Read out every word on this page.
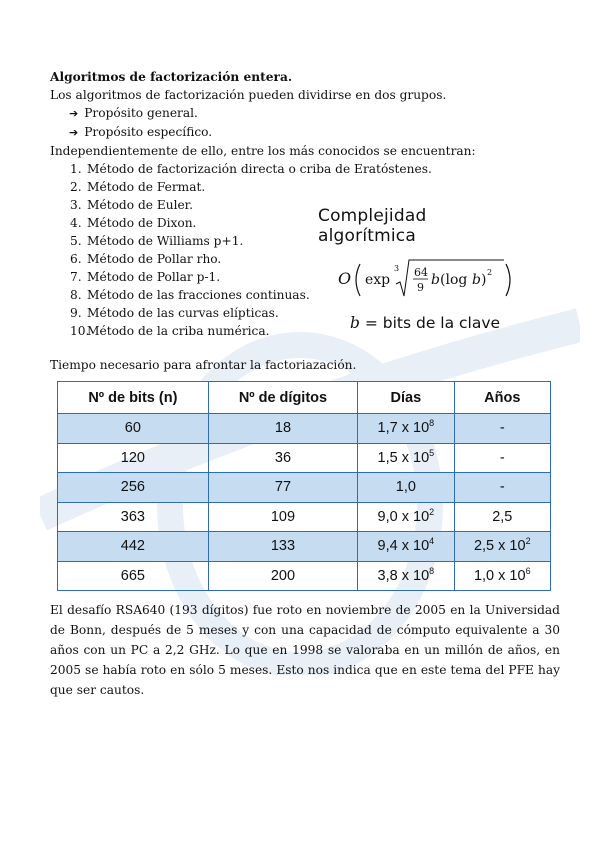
Algoritmos de factorización entera.
Los algoritmos de factorización pueden dividirse en dos grupos.
➔ Propósito general.
➔ Propósito específico.
Independientemente de ello, entre los más conocidos se encuentran:
1. Método de factorización directa o criba de Eratóstenes.
2. Método de Fermat.
3. Método de Euler.
4. Método de Dixon.
5. Método de Williams p+1.
6. Método de Pollar rho.
7. Método de Pollar p-1.
8. Método de las fracciones continuas.
9. Método de las curvas elípticas.
10.Método de la criba numérica.
Complejidad algorítmica
O exp
3 64
9 b (log b ) 2
b = bits de la clave
Tiempo necesario para afrontar la factoriazación.
Nº de bits (n)	Nº de dígitos	Días	Años
60	18	1,7 x $10^8$	-
120	36	1,5 x $10^5$	-
256	77	1,0	-
363	109	9,0 x $10^2$	2,5
442	133	9,4 x $10^4$	2,5 x $10^2$
665	200	3,8 x $10^8$	1,0 x $10^6$
El desafío RSA640 (193 dígitos) fue roto en noviembre de 2005 en la Universidad de Bonn, después de 5 meses y con una capacidad de cómputo equivalente a 30 años con un PC a 2,2 GHz. Lo que en 1998 se valoraba en un millón de años, en 2005 se había roto en sólo 5 meses. Esto nos indica que en este tema del PFE hay que ser cautos.
